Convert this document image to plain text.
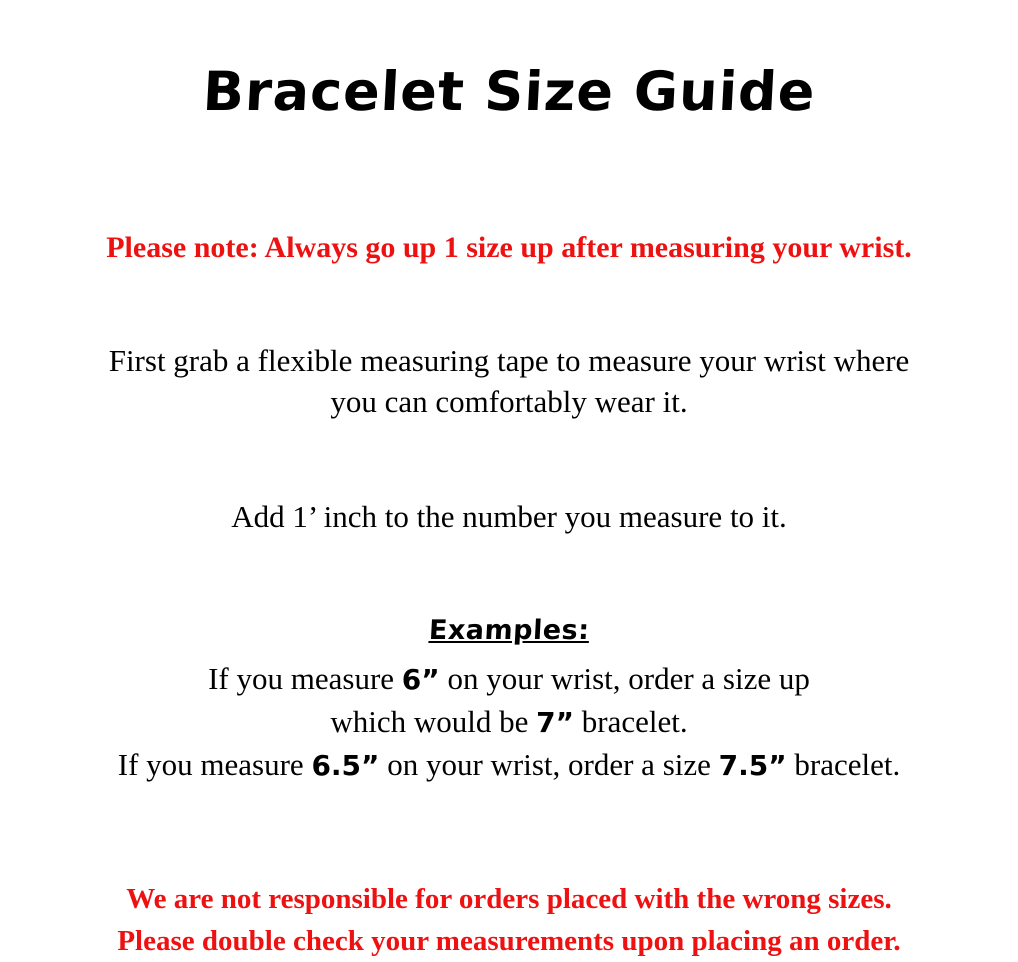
Bracelet Size Guide

Please note: Always go up 1 size up after measuring your wrist.

First grab a flexible measuring tape to measure your wrist where
you can comfortably wear it.

Add 1’ inch to the number you measure to it.

Examples:

If you measure 6” on your wrist, order a size up
which would be 7” bracelet.
If you measure 6.5” on your wrist, order a size 7.5” bracelet.

We are not responsible for orders placed with the wrong sizes.
Please double check your measurements upon placing an order.
